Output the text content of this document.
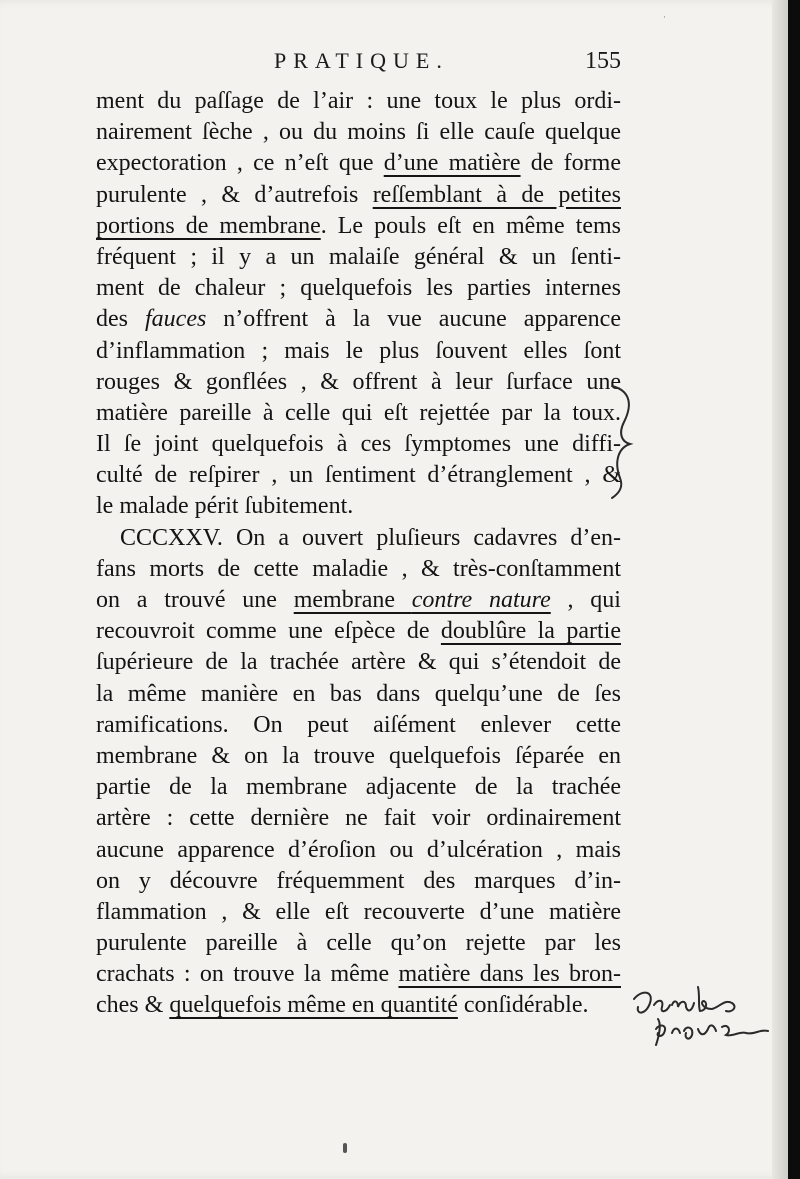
˙
PRATIQUE.	155
ment du paſſage de l’air : une toux le plus ordi-
nairement ſèche , ou du moins ſi elle cauſe quelque
expectoration , ce n’eſt que d’une matière de forme
purulente , & d’autrefois reſſemblant à de petites
portions de membrane. Le pouls eſt en même tems
fréquent ; il y a un malaiſe général & un ſenti-
ment de chaleur ; quelquefois les parties internes
des fauces n’offrent à la vue aucune apparence
d’inflammation ; mais le plus ſouvent elles ſont
rouges & gonflées , & offrent à leur ſurface une
matière pareille à celle qui eſt rejettée par la toux.
Il ſe joint quelquefois à ces ſymptomes une diffi-
culté de reſpirer , un ſentiment d’étranglement , &
le malade périt ſubitement.
CCCXXV. On a ouvert pluſieurs cadavres d’en-
fans morts de cette maladie , & très-conſtamment
on a trouvé une membrane contre nature , qui
recouvroit comme une eſpèce de doublûre la partie
ſupérieure de la trachée artère & qui s’étendoit de
la même manière en bas dans quelqu’une de ſes
ramifications. On peut aiſément enlever cette
membrane & on la trouve quelquefois ſéparée en
partie de la membrane adjacente de la trachée
artère : cette dernière ne fait voir ordinairement
aucune apparence d’éroſion ou d’ulcération , mais
on y découvre fréquemment des marques d’in-
flammation , & elle eſt recouverte d’une matière
purulente pareille à celle qu’on rejette par les
crachats : on trouve la même matière dans les bron-
ches & quelquefois même en quantité conſidérable.
